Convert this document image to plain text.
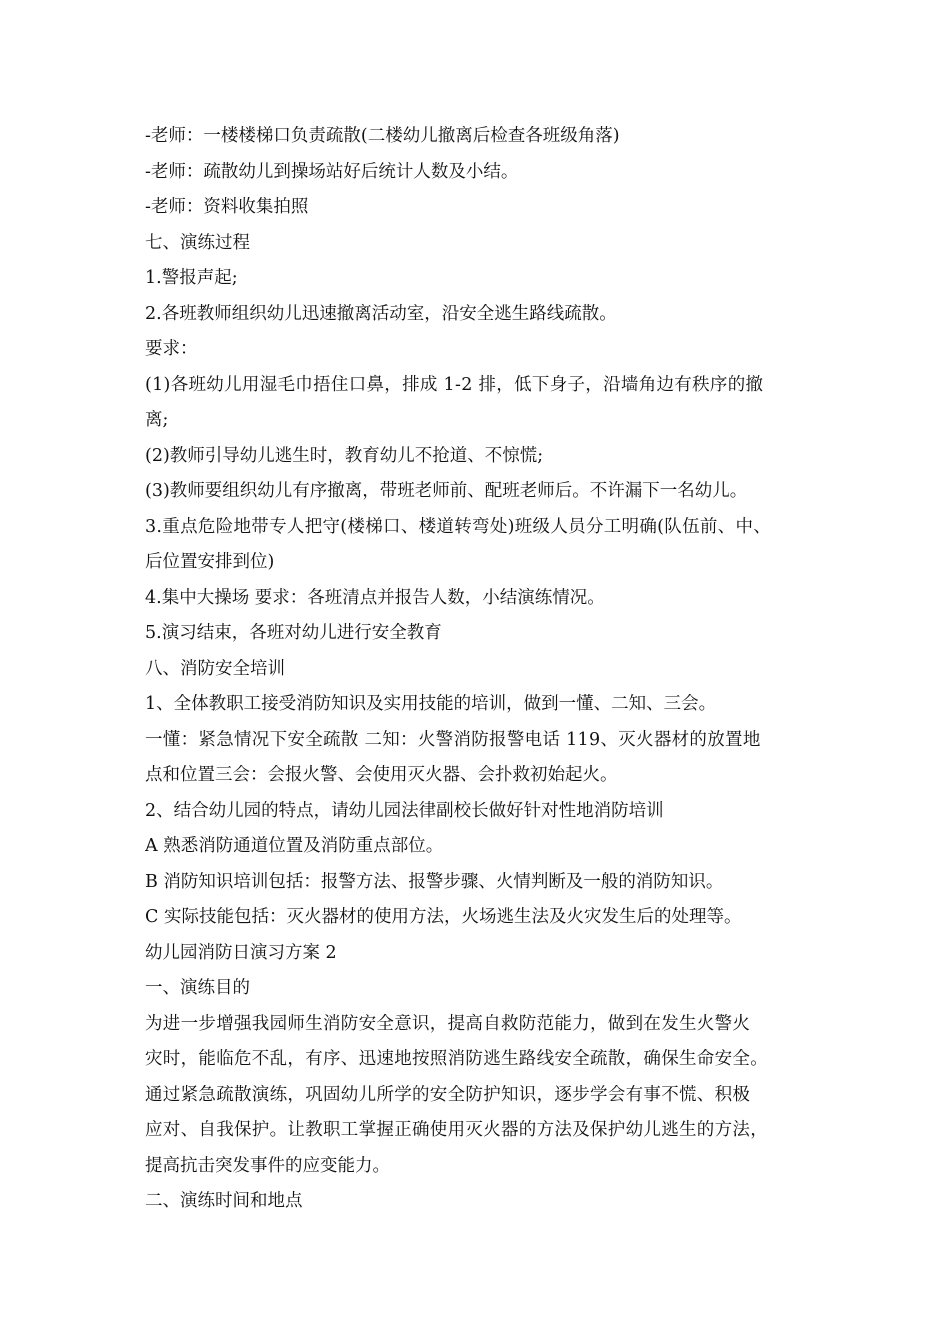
-老师：一楼楼梯口负责疏散(二楼幼儿撤离后检查各班级角落)
-老师：疏散幼儿到操场站好后统计人数及小结。
-老师：资料收集拍照
七、演练过程
1.警报声起;
2.各班教师组织幼儿迅速撤离活动室，沿安全逃生路线疏散。
要求：
(1)各班幼儿用湿毛巾捂住口鼻，排成 1-2 排，低下身子，沿墙角边有秩序的撤
离;
(2)教师引导幼儿逃生时，教育幼儿不抢道、不惊慌;
(3)教师要组织幼儿有序撤离，带班老师前、配班老师后。不许漏下一名幼儿。
3.重点危险地带专人把守(楼梯口、楼道转弯处)班级人员分工明确(队伍前、中、
后位置安排到位)
4.集中大操场 要求：各班清点并报告人数，小结演练情况。
5.演习结束，各班对幼儿进行安全教育
八、消防安全培训
1、全体教职工接受消防知识及实用技能的培训，做到一懂、二知、三会。
一懂：紧急情况下安全疏散 二知：火警消防报警电话 119、灭火器材的放置地
点和位置三会：会报火警、会使用灭火器、会扑救初始起火。
2、结合幼儿园的特点，请幼儿园法律副校长做好针对性地消防培训
A 熟悉消防通道位置及消防重点部位。
B 消防知识培训包括：报警方法、报警步骤、火情判断及一般的消防知识。
C 实际技能包括：灭火器材的使用方法，火场逃生法及火灾发生后的处理等。
幼儿园消防日演习方案 2
一、演练目的
为进一步增强我园师生消防安全意识，提高自救防范能力，做到在发生火警火
灾时，能临危不乱，有序、迅速地按照消防逃生路线安全疏散，确保生命安全。
通过紧急疏散演练，巩固幼儿所学的安全防护知识，逐步学会有事不慌、积极
应对、自我保护。让教职工掌握正确使用灭火器的方法及保护幼儿逃生的方法，
提高抗击突发事件的应变能力。
二、演练时间和地点
